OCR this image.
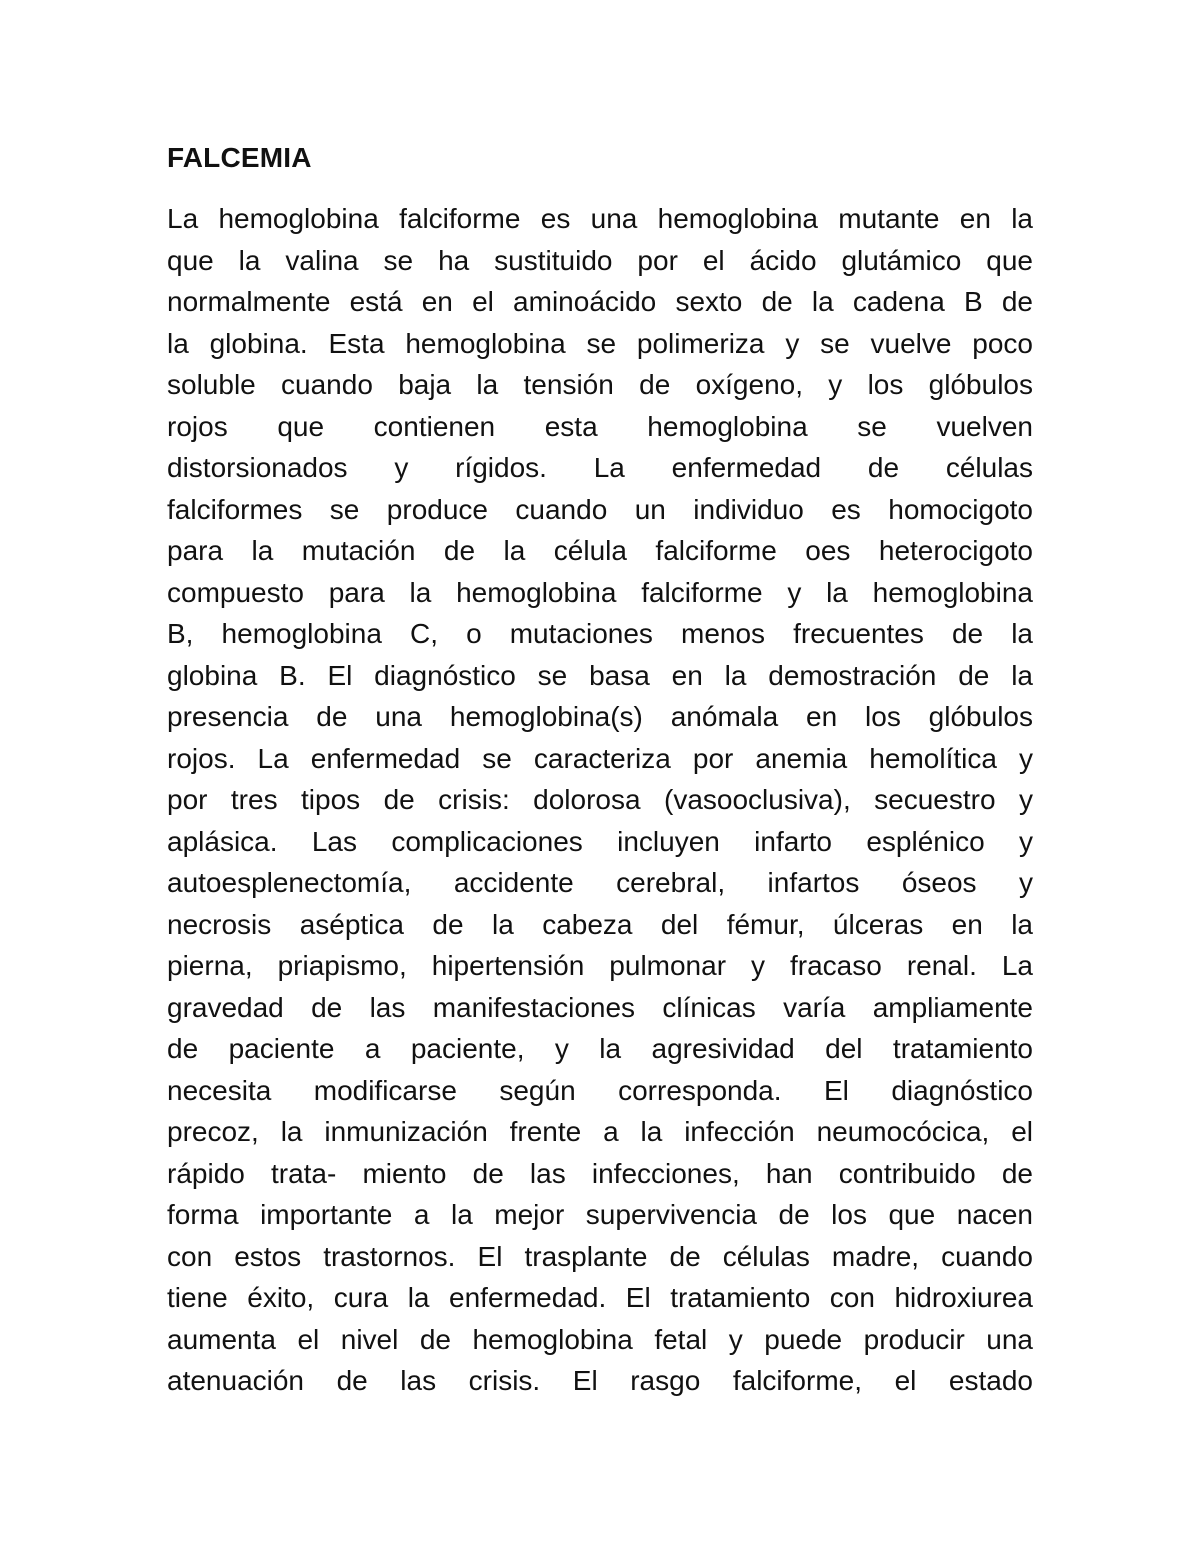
FALCEMIA
La hemoglobina falciforme es una hemoglobina mutante en la
que la valina se ha sustituido por el ácido glutámico que
normalmente está en el aminoácido sexto de la cadena B de
la globina. Esta hemoglobina se polimeriza y se vuelve poco
soluble cuando baja la tensión de oxígeno, y los glóbulos
rojos que contienen esta hemoglobina se vuelven
distorsionados y rígidos. La enfermedad de células
falciformes se produce cuando un individuo es homocigoto
para la mutación de la célula falciforme oes heterocigoto
compuesto para la hemoglobina falciforme y la hemoglobina
B, hemoglobina C, o mutaciones menos frecuentes de la
globina B. El diagnóstico se basa en la demostración de la
presencia de una hemoglobina(s) anómala en los glóbulos
rojos. La enfermedad se caracteriza por anemia hemolítica y
por tres tipos de crisis: dolorosa (vasooclusiva), secuestro y
aplásica. Las complicaciones incluyen infarto esplénico y
autoesplenectomía, accidente cerebral, infartos óseos y
necrosis aséptica de la cabeza del fémur, úlceras en la
pierna, priapismo, hipertensión pulmonar y fracaso renal. La
gravedad de las manifestaciones clínicas varía ampliamente
de paciente a paciente, y la agresividad del tratamiento
necesita modificarse según corresponda. El diagnóstico
precoz, la inmunización frente a la infección neumocócica, el
rápido trata- miento de las infecciones, han contribuido de
forma importante a la mejor supervivencia de los que nacen
con estos trastornos. El trasplante de células madre, cuando
tiene éxito, cura la enfermedad. El tratamiento con hidroxiurea
aumenta el nivel de hemoglobina fetal y puede producir una
atenuación de las crisis. El rasgo falciforme, el estado
